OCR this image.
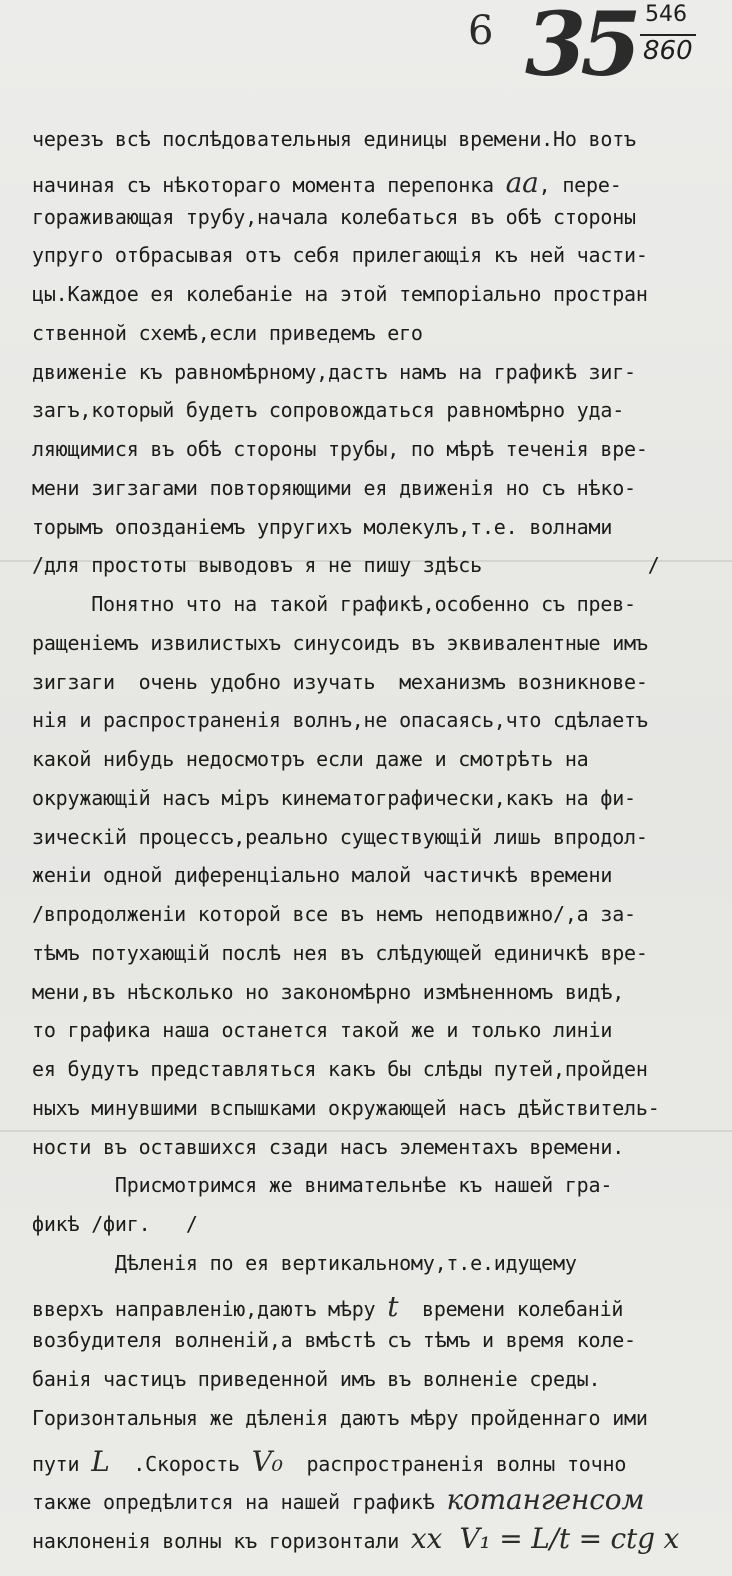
6 35 546
860
черезъ всѣ послѣдовательныя единицы времени.Но вотъ
начиная съ нѣкотораго момента перепонка аа, пере-
гораживающая трубу,начала колебаться въ обѣ стороны
упруго отбрасывая отъ себя прилегающія къ ней части-
цы.Каждое ея колебаніе на этой темпоріально простран
ственной схемѣ,если приведемъ его
движеніе къ равномѣрному,дастъ намъ на графикѣ зиг-
загъ,который будетъ сопровождаться равномѣрно уда-
ляющимися въ обѣ стороны трубы, по мѣрѣ теченія вре-
мени зигзагами повторяющими ея движенія но съ нѣко-
торымъ опозданіемъ упругихъ молекулъ,т.е. волнами
/для простоты выводовъ я не пишу здѣсь              /
Понятно что на такой графикѣ,особенно съ прев-
ращеніемъ извилистыхъ синусоидъ въ эквивалентные имъ
зигзаги  очень удобно изучать  механизмъ возникнове-
нія и распространенія волнъ,не опасаясь,что сдѣлаетъ
какой нибудь недосмотръ если даже и смотрѣть на
окружающій насъ міръ кинематографически,какъ на фи-
зическій процессъ,реально существующій лишь впродол-
женіи одной диференціально малой частичкѣ времени
/впродолженіи которой все въ немъ неподвижно/,а за-
тѣмъ потухающій послѣ нея въ слѣдующей единичкѣ вре-
мени,въ нѣсколько но закономѣрно измѣненномъ видѣ,
то графика наша останется такой же и только линіи
ея будутъ представляться какъ бы слѣды путей,пройден
ныхъ минувшими вспышками окружающей насъ дѣйствитель-
ности въ оставшихся сзади насъ элементахъ времени.
Присмотримся же внимательнѣе къ нашей гра-
фикѣ /фиг.   /
Дѣленія по ея вертикальному,т.е.идущему
вверхъ направленію,даютъ мѣру t  времени колебаній
возбудителя волненій,а вмѣстѣ съ тѣмъ и время коле-
банія частицъ приведенной имъ въ волненіе среды.
Горизонтальныя же дѣленія даютъ мѣру пройденнаго ими
пути L  .Скорость V₀  распространенія волны точно
также опредѣлится на нашей графикѣ котангенсом
наклоненія волны къ горизонтали xx  V₁ = L/t = ctg x
